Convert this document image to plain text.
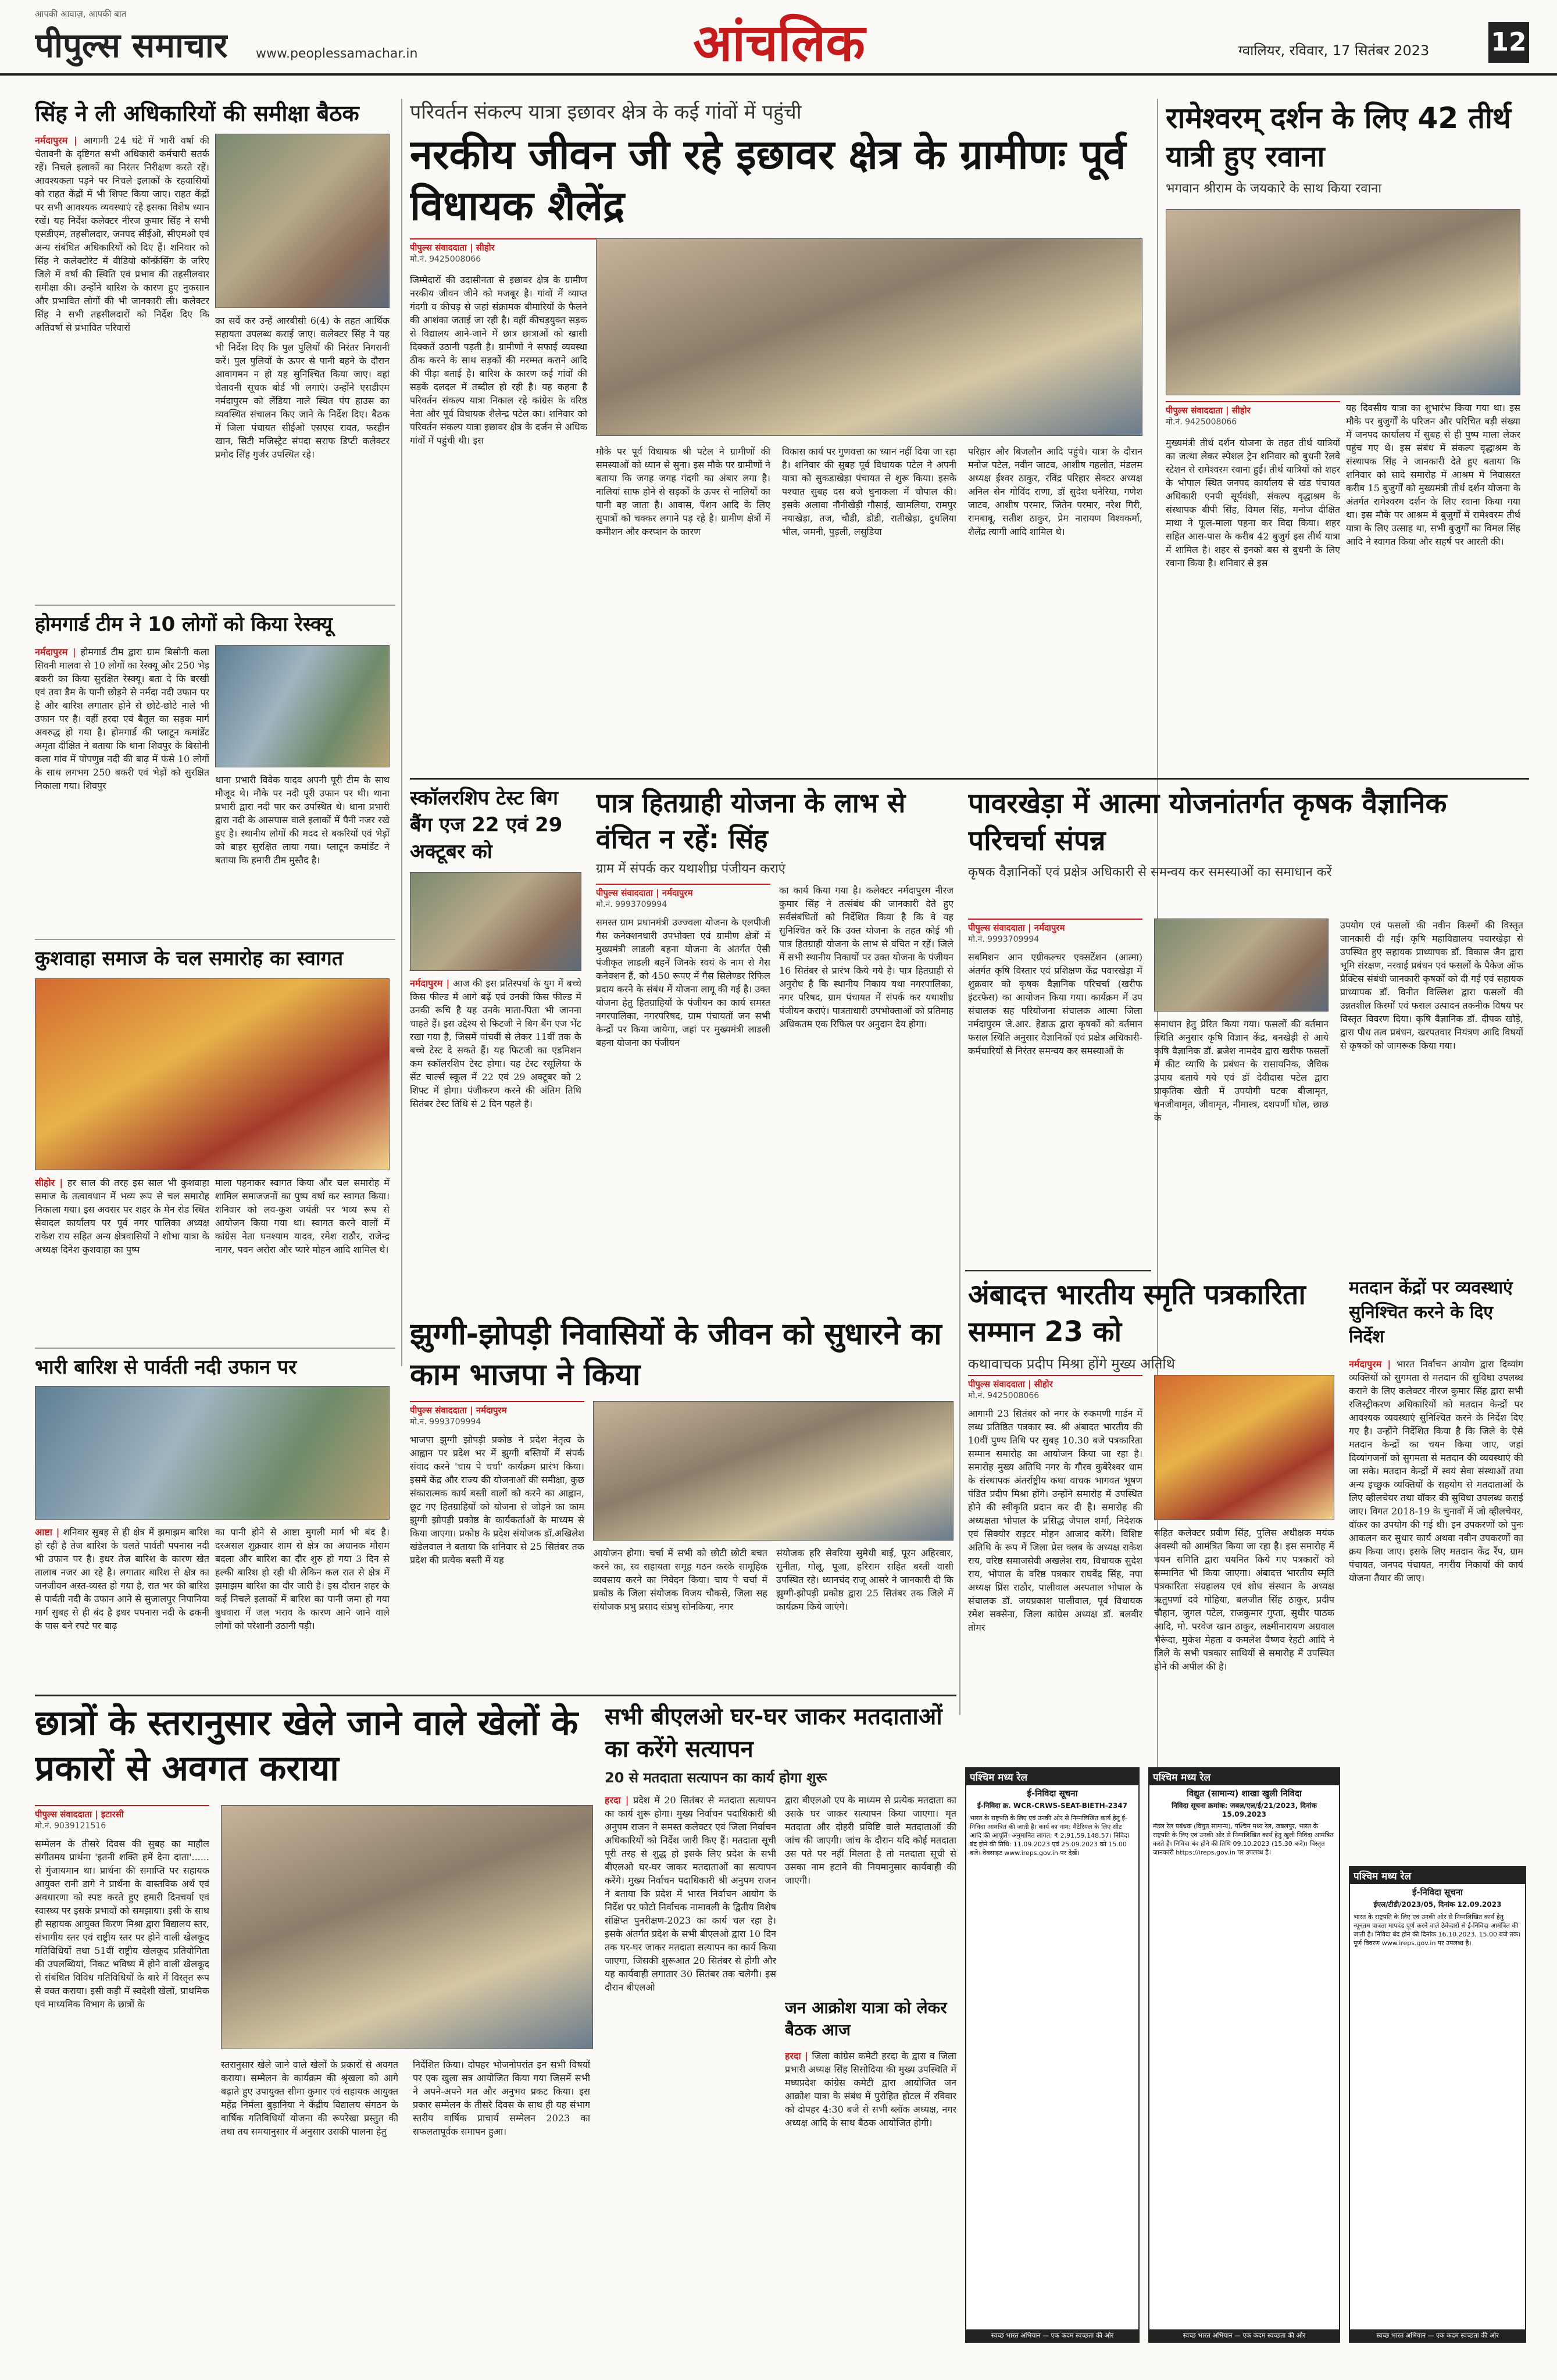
आपकी आवाज़, आपकी बात
पीपुल्स समाचार www.peoplessamachar.in	आंचलिक	ग्वालियर, रविवार, 17 सितंबर 2023 12
सिंह ने ली अधिकारियों की समीक्षा बैठक
नर्मदापुरम | आगामी 24 घंटे में भारी वर्षा की चेतावनी के दृष्टिगत सभी अधिकारी कर्मचारी सतर्क रहें। निचले इलाकों का निरंतर निरीक्षण करते रहें। आवश्यकता पड़ने पर निचले इलाकों के रहवासियों को राहत केंद्रों में भी शिफ्ट किया जाए। राहत केंद्रों पर सभी आवश्यक व्यवस्थाएं रहे इसका विशेष ध्यान रखें। यह निर्देश कलेक्टर नीरज कुमार सिंह ने सभी एसडीएम, तहसीलदार, जनपद सीईओ, सीएमओ एवं अन्य संबंधित अधिकारियों को दिए हैं। शनिवार को सिंह ने कलेक्टोरेट में वीडियो कॉन्फ्रेंसिंग के जरिए जिले में वर्षा की स्थिति एवं प्रभाव की तहसीलवार समीक्षा की। उन्होंने बारिश के कारण हुए नुकसान और प्रभावित लोगों की भी जानकारी ली। कलेक्टर सिंह ने सभी तहसीलदारों को निर्देश दिए कि अतिवर्षा से प्रभावित परिवारों
का सर्वे कर उन्हें आरबीसी 6(4) के तहत आर्थिक सहायता उपलब्ध कराई जाए। कलेक्टर सिंह ने यह भी निर्देश दिए कि पुल पुलियों की निरंतर निगरानी करें। पुल पुलियों के ऊपर से पानी बहने के दौरान आवागमन न हो यह सुनिश्चित किया जाए। वहां चेतावनी सूचक बोर्ड भी लगाएं। उन्होंने एसडीएम नर्मदापुरम को लेंडिया नाले स्थित पंप हाउस का व्यवस्थित संचालन किए जाने के निर्देश दिए। बैठक में जिला पंचायत सीईओ एसएस रावत, फरहीन खान, सिटी मजिस्ट्रेट संपदा सराफ डिप्टी कलेक्टर प्रमोद सिंह गुर्जर उपस्थित रहे।
होमगार्ड टीम ने 10 लोगों को किया रेस्क्यू
नर्मदापुरम | होमगार्ड टीम द्वारा ग्राम बिसोनी कला सिवनी मालवा से 10 लोगों का रेस्क्यू और 250 भेड़ बकरी का किया सुरक्षित रेस्क्यू। बता दे कि बरखी एवं तवा डैम के पानी छोड़ने से नर्मदा नदी उफान पर है और बारिश लगातार होने से छोटे-छोटे नाले भी उफान पर है। वहीं हरदा एवं बैतूल का सड़क मार्ग अवरुद्ध हो गया है। होमगार्ड की प्लाटून कमांडेंट अमृता दीक्षित ने बताया कि थाना शिवपुर के बिसोनी कला गांव में पोपणुन्न नदी की बाढ़ में फंसे 10 लोगों के साथ लगभग 250 बकरी एवं भेड़ों को सुरक्षित निकाला गया। शिवपुर
थाना प्रभारी विवेक यादव अपनी पूरी टीम के साथ मौजूद थे। मौके पर नदी पूरी उफान पर थी। थाना प्रभारी द्वारा नदी पार कर उपस्थित थे। थाना प्रभारी द्वारा नदी के आसपास वाले इलाकों में पैनी नजर रखे हुए है। स्थानीय लोगों की मदद से बकरियों एवं भेड़ों को बाहर सुरक्षित लाया गया। प्लाटून कमांडेंट ने बताया कि हमारी टीम मुस्तैद है।
कुशवाहा समाज के चल समारोह का स्वागत
सीहोर | हर साल की तरह इस साल भी कुशवाहा समाज के तत्वावधान में भव्य रूप से चल समारोह निकाला गया। इस अवसर पर शहर के मेन रोड स्थित सेवादल कार्यालय पर पूर्व नगर पालिका अध्यक्ष राकेश राय सहित अन्य क्षेत्रवासियों ने शोभा यात्रा के अध्यक्ष दिनेश कुशवाहा का पुष्प
माला पहनाकर स्वागत किया और चल समारोह में शामिल समाजजनों का पुष्प वर्षा कर स्वागत किया। शनिवार को लव-कुश जयंती पर भव्य रूप से आयोजन किया गया था। स्वागत करने वालों में कांग्रेस नेता घनश्याम यादव, रमेश राठौर, राजेन्द्र नागर, पवन अरोरा और प्यारे मोहन आदि शामिल थे।
भारी बारिश से पार्वती नदी उफान पर
आष्टा | शनिवार सुबह से ही क्षेत्र में झमाझम बारिश हो रही है तेज बारिश के चलते पार्वती पपनास नदी भी उफान पर है। इधर तेज बारिश के कारण खेत तालाब नजर आ रहे है। लगातार बारिश से क्षेत्र का जनजीवन अस्त-व्यस्त हो गया है, रात भर की बारिश से पार्वती नदी के उफान आने से सुजालपुर निपानिया मार्ग सुबह से ही बंद है इधर पपनास नदी के ढकनी के पास बने रपटे पर बाढ़
का पानी होने से आष्टा मुगली मार्ग भी बंद है। दरअसल शुक्रवार शाम से क्षेत्र का अचानक मौसम बदला और बारिश का दौर शुरु हो गया 3 दिन से हल्की बारिश हो रही थी लेकिन कल रात से क्षेत्र में झमाझम बारिश का दौर जारी है। इस दौरान शहर के कई निचले इलाकों में बारिश का पानी जमा हो गया बुधवारा में जल भराव के कारण आने जाने वाले लोगों को परेशानी उठानी पड़ी।
परिवर्तन संकल्प यात्रा इछावर क्षेत्र के कई गांवों में पहुंची
नरकीय जीवन जी रहे इछावर क्षेत्र के ग्रामीणः पूर्व विधायक शैलेंद्र
पीपुल्स संवाददाता | सीहोर
मो.नं. 9425008066
जिम्मेदारों की उदासीनता से इछावर क्षेत्र के ग्रामीण नरकीय जीवन जीने को मजबूर है। गांवों में व्याप्त गंदगी व कीचड़ से जहां संक्रामक बीमारियों के फैलने की आशंका जताई जा रही है। वहीं कीचड़युक्त सड़क से विद्यालय आने-जाने में छात्र छात्राओं को खासी दिक्कतें उठानी पड़ती है। ग्रामीणों ने सफाई व्यवस्था ठीक करने के साथ सड़कों की मरम्मत कराने आदि की पीड़ा बताई है। बारिश के कारण कई गांवों की सड़कें दलदल में तब्दील हो रही है। यह कहना है परिवर्तन संकल्प यात्रा निकाल रहे कांग्रेस के वरिष्ठ नेता और पूर्व विधायक शैलेन्द्र पटेल का। शनिवार को परिवर्तन संकल्प यात्रा इछावर क्षेत्र के दर्जन से अधिक गांवों में पहुंची थी। इस
मौके पर पूर्व विधायक श्री पटेल ने ग्रामीणों की समस्याओं को ध्यान से सुना। इस मौके पर ग्रामीणों ने बताया कि जगह जगह गंदगी का अंबार लगा है। नालियां साफ होने से सड़कों के ऊपर से नालियों का पानी बह जाता है। आवास, पेंशन आदि के लिए सुपात्रों को चक्कर लगाने पड़ रहे है। ग्रामीण क्षेत्रों में कमीशन और करप्शन के कारण
विकास कार्य पर गुणवत्ता का ध्यान नहीं दिया जा रहा है। शनिवार की सुबह पूर्व विधायक पटेल ने अपनी यात्रा को सुकडाखेड़ा पंचायत से शुरू किया। इसके पश्चात सुबह दस बजे धुनाकला में चौपाल की। इसके अलावा नौनीखेड़ी गौसाई, खामलिया, रामपुर नयाखेड़ा, तज, चौडी, डोडी, रातीखेड़ा, दुधलिया भील, जमनी, पुड़ली, लसुडिया
परिहार और बिजलौन आदि पहुंचे। यात्रा के दौरान मनोज पटेल, नवीन जाटव, आशीष गहलोत, मंडलम अध्यक्ष ईश्वर ठाकुर, रविंद्र परिहार सेक्टर अध्यक्ष अनिल सेन गोविंद राणा, डॉ सुदेश घनेरिया, गणेश जाटव, आशीष परमार, जितेन परमार, नरेश गिरी, रामबाबू, सतीश ठाकुर, प्रेम नारायण विश्वकर्मा, शैलेंद्र त्यागी आदि शामिल थे।
रामेश्वरम् दर्शन के लिए 42 तीर्थ यात्री हुए रवाना
भगवान श्रीराम के जयकारे के साथ किया रवाना
पीपुल्स संवाददाता | सीहोर
मो.नं. 9425008066
मुख्यमंत्री तीर्थ दर्शन योजना के तहत तीर्थ यात्रियों का जत्था लेकर स्पेशल ट्रेन शनिवार को बुधनी रेलवे स्टेशन से रामेश्वरम रवाना हुई। तीर्थ यात्रियों को शहर के भोपाल स्थित जनपद कार्यालय से खंड पंचायत अधिकारी एनपी सूर्यवंशी, संकल्प वृद्धाश्रम के संस्थापक बीपी सिंह, विमल सिंह, मनोज दीक्षित माथा ने फूल-माला पहना कर विदा किया। शहर सहित आस-पास के करीब 42 बुजुर्ग इस तीर्थ यात्रा में शामिल है। शहर से इनको बस से बुधनी के लिए रवाना किया है। शनिवार से इस
यह दिवसीय यात्रा का शुभारंभ किया गया था। इस मौके पर बुजुर्गों के परिजन और परिचित बड़ी संख्या में जनपद कार्यालय में सुबह से ही पुष्प माला लेकर पहुंच गए थे। इस संबंध में संकल्प वृद्धाश्रम के संस्थापक सिंह ने जानकारी देते हुए बताया कि शनिवार को सादे समारोह में आश्रम में निवासरत करीब 15 बुजुर्गों को मुख्यमंत्री तीर्थ दर्शन योजना के अंतर्गत रामेश्वरम दर्शन के लिए रवाना किया गया था। इस मौके पर आश्रम में बुजुर्गों में रामेश्वरम तीर्थ यात्रा के लिए उत्साह था, सभी बुजुर्गों का विमल सिंह आदि ने स्वागत किया और सहर्ष पर आरती की।
स्कॉलरशिप टेस्ट बिग बैंग एज 22 एवं 29 अक्टूबर को
नर्मदापुरम | आज की इस प्रतिस्पर्धा के युग में बच्चे किस फील्ड में आगे बढ़ें एवं उनकी किस फील्ड में उनकी रूचि है यह उनके माता-पिता भी जानना चाहते हैं। इस उद्देश्य से फिटजी ने बिग बैंग एज भेंट रखा गया है, जिसमें पांचवीं से लेकर 11वीं तक के बच्चे टेस्ट दे सकते हैं। यह फिटजी का एडमिशन कम स्कॉलरशिप टेस्ट होगा। यह टेस्ट रसूलिया के सेंट चार्ल्स स्कूल में 22 एवं 29 अक्टूबर को 2 शिफ्ट में होगा। पंजीकरण करने की अंतिम तिथि सितंबर टेस्ट तिथि से 2 दिन पहले है।
पात्र हितग्राही योजना के लाभ से वंचित न रहें: सिंह
ग्राम में संपर्क कर यथाशीघ्र पंजीयन कराएं
पीपुल्स संवाददाता | नर्मदापुरम
मो.नं. 9993709994
समस्त ग्राम प्रधानमंत्री उज्ज्वला योजना के एलपीजी गैस कनेक्शनधारी उपभोक्ता एवं ग्रामीण क्षेत्रों में मुख्यमंत्री लाडली बहना योजना के अंतर्गत ऐसी पंजीकृत लाडली बहनें जिनके स्वयं के नाम से गैस कनेक्शन हैं, को 450 रूपए में गैस सिलेण्डर रिफिल प्रदाय करने के संबंध में योजना लागू की गई है। उक्त योजना हेतु हितग्राहियों के पंजीयन का कार्य समस्त नगरपालिका, नगरपरिषद, ग्राम पंचायतों जन सभी केन्द्रों पर किया जायेगा, जहां पर मुख्यमंत्री लाडली बहना योजना का पंजीयन
का कार्य किया गया है। कलेक्टर नर्मदापुरम नीरज कुमार सिंह ने तत्संबंध की जानकारी देते हुए सर्वसंबंधितों को निर्देशित किया है कि वे यह सुनिश्चित करें कि उक्त योजना के तहत कोई भी पात्र हितग्राही योजना के लाभ से वंचित न रहें। जिले में सभी स्थानीय निकायों पर उक्त योजना के पंजीयन 16 सितंबर से प्रारंभ किये गये है। पात्र हितग्राही से अनुरोध है कि स्थानीय निकाय यथा नगरपालिका, नगर परिषद, ग्राम पंचायत में संपर्क कर यथाशीघ्र पंजीयन कराएं। पात्रताधारी उपभोक्ताओं को प्रतिमाह अधिकतम एक रिफिल पर अनुदान देय होगा।
पावरखेड़ा में आत्मा योजनांतर्गत कृषक वैज्ञानिक परिचर्चा संपन्न
कृषक वैज्ञानिकों एवं प्रक्षेत्र अधिकारी से समन्वय कर समस्याओं का समाधान करें
पीपुल्स संवाददाता | नर्मदापुरम
मो.नं. 9993709994
सबमिशन आन एग्रीकल्चर एक्सटेंशन (आत्मा) अंतर्गत कृषि विस्तार एवं प्रशिक्षण केंद्र पवारखेड़ा में शुक्रवार को कृषक वैज्ञानिक परिचर्चा (खरीफ इंटरफेस) का आयोजन किया गया। कार्यक्रम में उप संचालक सह परियोजना संचालक आत्मा जिला नर्मदापुरम जे.आर. हेडाऊ द्वारा कृषकों को वर्तमान फसल स्थिति अनुसार वैज्ञानिकों एवं प्रक्षेत्र अधिकारी-कर्मचारियों से निरंतर समन्वय कर समस्याओं के
समाधान हेतु प्रेरित किया गया। फसलों की वर्तमान स्थिति अनुसार कृषि विज्ञान केंद्र, बनखेड़ी से आये कृषि वैज्ञानिक डॉ. ब्रजेश नामदेव द्वारा खरीफ फसलों में कीट व्याधि के प्रबंधन के रासायनिक, जैविक उपाय बताये गये एवं डॉ देवीदास पटेल द्वारा प्राकृतिक खेती में उपयोगी घटक बीजामृत, घनजीवामृत, जीवामृत, नीमास्त्र, दशपर्णी घोल, छाछ के
उपयोग एवं फसलों की नवीन किस्मों की विस्तृत जानकारी दी गई। कृषि महाविद्यालय पवारखेड़ा से उपस्थित हुए सहायक प्राध्यापक डॉ. विकास जैन द्वारा भूमि संरक्षण, नरवाई प्रबंधन एवं फसलों के पैकेज ऑफ प्रैक्टिस संबंधी जानकारी कृषकों को दी गई एवं सहायक प्राध्यापक डॉ. विनीत विल्लिश द्वारा फसलों की उन्नतशील किस्मों एवं फसल उत्पादन तकनीक विषय पर विस्तृत विवरण दिया। कृषि वैज्ञानिक डॉ. दीपक खोड़े, द्वारा पौध तत्व प्रबंधन, खरपतवार नियंत्रण आदि विषयों से कृषकों को जागरूक किया गया।
झुग्गी-झोपड़ी निवासियों के जीवन को सुधारने का काम भाजपा ने किया
पीपुल्स संवाददाता | नर्मदापुरम
मो.नं. 9993709994
भाजपा झुग्गी झोपड़ी प्रकोष्ठ ने प्रदेश नेतृत्व के आह्वान पर प्रदेश भर में झुग्गी बस्तियों में संपर्क संवाद करने 'चाय पे चर्चा' कार्यक्रम प्रारंभ किया। इसमें केंद्र और राज्य की योजनाओं की समीक्षा, कुछ संकारात्मक कार्य बस्ती वालों को करने का आह्वान, छूट गए हितग्राहियों को योजना से जोड़ने का काम झुग्गी झोपड़ी प्रकोष्ठ के कार्यकर्ताओं के माध्यम से किया जाएगा। प्रकोष्ठ के प्रदेश संयोजक डॉ.अखिलेश खंडेलवाल ने बताया कि शनिवार से 25 सितंबर तक प्रदेश की प्रत्येक बस्ती में यह
आयोजन होगा। चर्चा में सभी को छोटी छोटी बचत करने का, स्व सहायता समूह गठन करके सामूहिक व्यवसाय करने का निवेदन किया। चाय पे चर्चा में प्रकोष्ठ के जिला संयोजक विजय चौकसे, जिला सह संयोजक प्रभु प्रसाद संप्रभु सोनकिया, नगर
संयोजक हरि सेवरिया सुमेधी बाई, पूरन अहिरवार, सुनीता, गोलू, पूजा, हरिराम सहित बस्ती वासी उपस्थित रहे। ध्यानचंद राजू आसरे ने जानकारी दी कि झुग्गी-झोपड़ी प्रकोष्ठ द्वारा 25 सितंबर तक जिले में कार्यक्रम किये जाएंगे।
अंबादत्त भारतीय स्मृति पत्रकारिता सम्मान 23 को
कथावाचक प्रदीप मिश्रा होंगे मुख्य अतिथि
पीपुल्स संवाददाता | सीहोर
मो.नं. 9425008066
आगामी 23 सितंबर को नगर के रुकमणी गार्डन में लब्ध प्रतिष्ठित पत्रकार स्व. श्री अंबादत भारतीय की 10वीं पुण्य तिथि पर सुबह 10.30 बजे पत्रकारिता सम्मान समारोह का आयोजन किया जा रहा है। समारोह मुख्य अतिथि नगर के गौरव कुबेरेश्वर धाम के संस्थापक अंतर्राष्ट्रीय कथा वाचक भागवत भूषण पंडित प्रदीप मिश्रा होंगे। उन्होंने समारोह में उपस्थित होने की स्वीकृति प्रदान कर दी है। समारोह की अध्यक्षता भोपाल के प्रसिद्ध जैपाल शर्मा, निदेशक एवं सिक्योर राइटर मोहन आजाद करेंगे। विशिष्ट अतिथि के रूप में जिला प्रेस क्लब के अध्यक्ष राकेश राय, वरिष्ठ समाजसेवी अखलेश राय, विधायक सुदेश राय, भोपाल के वरिष्ठ पत्रकार राघवेंद्र सिंह, नपा अध्यक्ष प्रिंस राठौर, पालीवाल अस्पताल भोपाल के संचालक डॉ. जयप्रकाश पालीवाल, पूर्व विधायक रमेश सक्सेना, जिला कांग्रेस अध्यक्ष डॉ. बलवीर तोमर
सहित कलेक्टर प्रवीण सिंह, पुलिस अधीक्षक मयंक अवस्थी को आमंत्रित किया जा रहा है। इस समारोह में चयन समिति द्वारा चयनित किये गए पत्रकारों को सम्मानित भी किया जाएगा। अंबादत्त भारतीय स्मृति पत्रकारिता संग्रहालय एवं शोध संस्थान के अध्यक्ष ऋतुपर्णा दवे गोहिया, बलजीत सिंह ठाकुर, प्रदीप चौहान, जुगल पटेल, राजकुमार गुप्ता, सुधीर पाठक आदि, मो. परवेज खान ठाकुर, लक्ष्मीनारायण अग्रवाल भैरूंदा, मुकेश मेहता व कमलेश वैष्णव रेहटी आदि ने जिले के सभी पत्रकार साथियों से समारोह में उपस्थित होने की अपील की है।
मतदान केंद्रों पर व्यवस्थाएं सुनिश्चित करने के दिए निर्देश
नर्मदापुरम | भारत निर्वाचन आयोग द्वारा दिव्यांग व्यक्तियों को सुगमता से मतदान की सुविधा उपलब्ध कराने के लिए कलेक्टर नीरज कुमार सिंह द्वारा सभी रजिस्ट्रीकरण अधिकारियों को मतदान केन्द्रों पर आवश्यक व्यवस्थाएं सुनिश्चित करने के निर्देश दिए गए है। उन्होंने निर्देशित किया है कि जिले के ऐसे मतदान केन्द्रों का चयन किया जाए, जहां दिव्यांगजनों को सुगमता से मतदान की व्यवस्थाएं की जा सके। मतदान केन्द्रों में स्वयं सेवा संस्थाओं तथा अन्य इच्छुक व्यक्तियों के सहयोग से मतदाताओं के लिए व्हीलचेयर तथा वॉकर की सुविधा उपलब्ध कराई जाए। विगत 2018-19 के चुनावों में जो व्हीलचेयर, वॉकर का उपयोग की गई थी। इन उपकरणों को पुनः आकलन कर सुधार कार्य अथवा नवीन उपकरणों का क्रय किया जाए। इसके लिए मतदान केंद्र रैंप, ग्राम पंचायत, जनपद पंचायत, नगरीय निकायों की कार्य योजना तैयार की जाए।
छात्रों के स्तरानुसार खेले जाने वाले खेलों के प्रकारों से अवगत कराया
पीपुल्स संवाददाता | इटारसी
मो.नं. 9039121516
सम्मेलन के तीसरे दिवस की सुबह का माहौल संगीतमय प्रार्थना 'इतनी शक्ति हमें देना दाता'...... से गुंजायमान था। प्रार्थना की समाप्ति पर सहायक आयुक्त रानी डागे ने प्रार्थना के वास्तविक अर्थ एवं अवधारणा को स्पष्ट करते हुए हमारी दिनचर्या एवं स्वास्थ्य पर इसके प्रभावों को समझाया। इसी के साथ ही सहायक आयुक्त किरण मिश्रा द्वारा विद्यालय स्तर, संभागीय स्तर एवं राष्ट्रीय स्तर पर होने वाली खेलकूद गतिविधियों तथा 51वीं राष्ट्रीय खेलकूद प्रतियोगिता की उपलब्धियां, निकट भविष्य में होने वाली खेलकूद से संबंधित विविध गतिविधियों के बारे में विस्तृत रूप से वक्त कराया। इसी कड़ी में स्वदेशी खेलों, प्राथमिक एवं माध्यमिक विभाग के छात्रों के
स्तरानुसार खेले जाने वाले खेलों के प्रकारों से अवगत कराया। सम्मेलन के कार्यक्रम की श्रृंखला को आगे बढ़ाते हुए उपायुक्त सीमा कुमार एवं सहायक आयुक्त महेंद्र निर्मला बुड़ानिया ने केंद्रीय विद्यालय संगठन के वार्षिक गतिविधियों योजना की रूपरेखा प्रस्तुत की तथा तय समयानुसार में अनुसार उसकी पालना हेतु
निर्देशित किया। दोपहर भोजनोपरांत इन सभी विषयों पर एक खुला सत्र आयोजित किया गया जिसमें सभी ने अपने-अपने मत और अनुभव प्रकट किया। इस प्रकार सम्मेलन के तीसरे दिवस के साथ ही यह संभाग स्तरीय वार्षिक प्राचार्य सम्मेलन 2023 का सफलतापूर्वक समापन हुआ।
सभी बीएलओ घर-घर जाकर मतदाताओं का करेंगे सत्यापन
20 से मतदाता सत्यापन का कार्य होगा शुरू
हरदा | प्रदेश में 20 सितंबर से मतदाता सत्यापन का कार्य शुरू होगा। मुख्य निर्वाचन पदाधिकारी श्री अनुपम राजन ने समस्त कलेक्टर एवं जिला निर्वाचन अधिकारियों को निर्देश जारी किए हैं। मतदाता सूची पूरी तरह से शुद्ध हो इसके लिए प्रदेश के सभी बीएलओ घर-घर जाकर मतदाताओं का सत्यापन करेंगे। मुख्य निर्वाचन पदाधिकारी श्री अनुपम राजन ने बताया कि प्रदेश में भारत निर्वाचन आयोग के निर्देश पर फोटो निर्वाचक नामावली के द्वितीय विशेष संक्षिप्त पुनरीक्षण-2023 का कार्य चल रहा है। इसके अंतर्गत प्रदेश के सभी बीएलओ द्वारा 10 दिन तक घर-घर जाकर मतदाता सत्यापन का कार्य किया जाएगा, जिसकी शुरूआत 20 सितंबर से होगी और यह कार्यवाही लगातार 30 सितंबर तक चलेगी। इस दौरान बीएलओ
द्वारा बीएलओ एप के माध्यम से प्रत्येक मतदाता का उसके घर जाकर सत्यापन किया जाएगा। मृत मतदाता और दोहरी प्रविष्टि वाले मतदाताओं की जांच की जाएगी। जांच के दौरान यदि कोई मतदाता उस पते पर नहीं मिलता है तो मतदाता सूची से उसका नाम हटाने की नियमानुसार कार्यवाही की जाएगी।
जन आक्रोश यात्रा को लेकर बैठक आज
हरदा | जिला कांग्रेस कमेटी हरदा के द्वारा व जिला प्रभारी अध्यक्ष सिंह सिसोदिया की मुख्य उपस्थिति में मध्यप्रदेश कांग्रेस कमेटी द्वारा आयोजित जन आक्रोश यात्रा के संबंध में पुरोहित होटल में रविवार को दोपहर 4:30 बजे से सभी ब्लॉक अध्यक्ष, नगर अध्यक्ष आदि के साथ बैठक आयोजित होगी।
पश्चिम मध्य रेल
ई-निविदा सूचना
ई-निविदा क्र. WCR-CRWS-SEAT-BIETH-2347
भारत के राष्ट्रपति के लिए एवं उनकी ओर से निम्नलिखित कार्य हेतु ई-निविदा आमंत्रित की जाती है। कार्य का नाम: मैटेरियल के लिए सीट आदि की आपूर्ति। अनुमानित लागत: ₹ 2,91,59,148.57। निविदा बंद होने की तिथि: 11.09.2023 एवं 25.09.2023 को 15.00 बजे। वेबसाइट www.ireps.gov.in पर देखें।
स्वच्छ भारत अभियान — एक कदम स्वच्छता की ओर
पश्चिम मध्य रेल
विद्युत (सामान्य) शाखा खुली निविदा
निविदा सूचना क्रमांक: जबल/एल/ई/21/2023, दिनांक 15.09.2023
मंडल रेल प्रबंधक (विद्युत सामान्य), पश्चिम मध्य रेल, जबलपुर, भारत के राष्ट्रपति के लिए एवं उनकी ओर से निम्नलिखित कार्य हेतु खुली निविदा आमंत्रित करते हैं। निविदा बंद होने की तिथि 09.10.2023 (15.30 बजे)। विस्तृत जानकारी https://ireps.gov.in पर उपलब्ध है।
स्वच्छ भारत अभियान — एक कदम स्वच्छता की ओर
पश्चिम मध्य रेल
ई-निविदा सूचना
ईएल/टीडी/2023/05, दिनांक 12.09.2023
भारत के राष्ट्रपति के लिए एवं उनकी ओर से निम्नलिखित कार्य हेतु न्यूनतम पात्रता मापदंड पूर्ण करने वाले ठेकेदारों से ई-निविदा आमंत्रित की जाती है। निविदा बंद होने की दिनांक 16.10.2023, 15.00 बजे तक। पूर्ण विवरण www.ireps.gov.in पर उपलब्ध है।
स्वच्छ भारत अभियान — एक कदम स्वच्छता की ओर
